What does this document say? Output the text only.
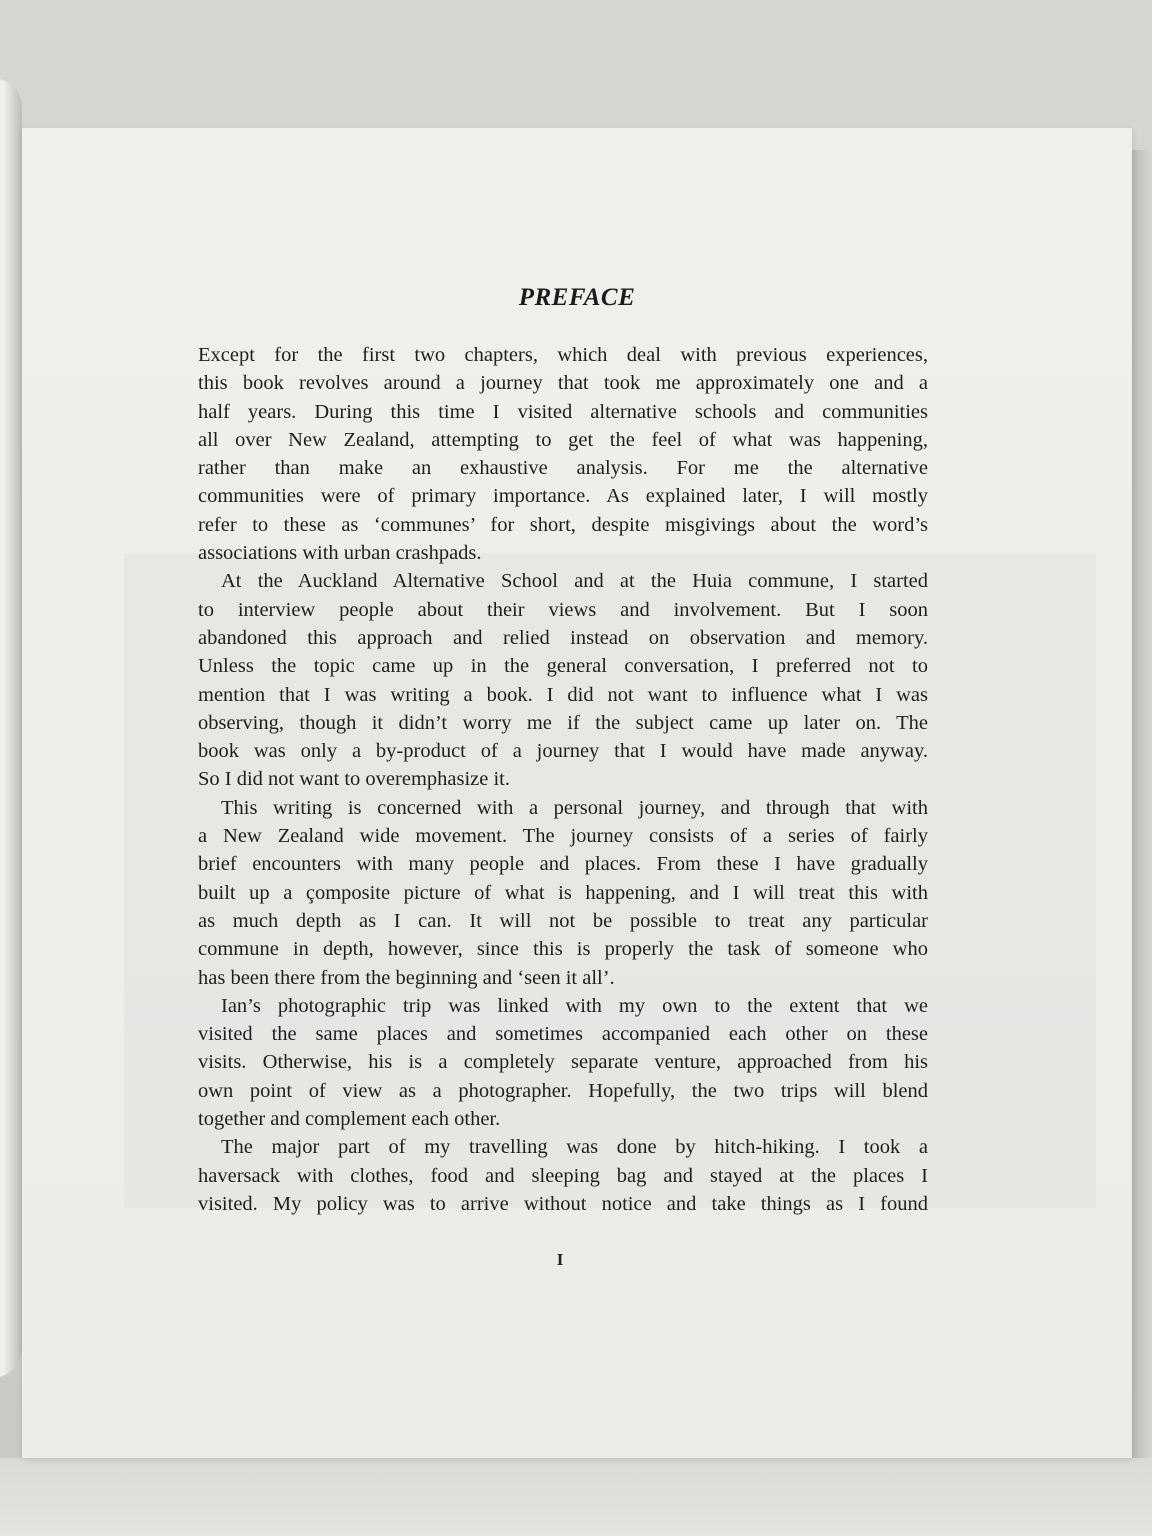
PREFACE
Except for the first two chapters, which deal with previous experiences,
this book revolves around a journey that took me approximately one and a
half years. During this time I visited alternative schools and communities
all over New Zealand, attempting to get the feel of what was happening,
rather than make an exhaustive analysis. For me the alternative
communities were of primary importance. As explained later, I will mostly
refer to these as ‘communes’ for short, despite misgivings about the word’s
associations with urban crashpads.
At the Auckland Alternative School and at the Huia commune, I started
to interview people about their views and involvement. But I soon
abandoned this approach and relied instead on observation and memory.
Unless the topic came up in the general conversation, I preferred not to
mention that I was writing a book. I did not want to influence what I was
observing, though it didn’t worry me if the subject came up later on. The
book was only a by-product of a journey that I would have made anyway.
So I did not want to overemphasize it.
This writing is concerned with a personal journey, and through that with
a New Zealand wide movement. The journey consists of a series of fairly
brief encounters with many people and places. From these I have gradually
built up a çomposite picture of what is happening, and I will treat this with
as much depth as I can. It will not be possible to treat any particular
commune in depth, however, since this is properly the task of someone who
has been there from the beginning and ‘seen it all’.
Ian’s photographic trip was linked with my own to the extent that we
visited the same places and sometimes accompanied each other on these
visits. Otherwise, his is a completely separate venture, approached from his
own point of view as a photographer. Hopefully, the two trips will blend
together and complement each other.
The major part of my travelling was done by hitch-hiking. I took a
haversack with clothes, food and sleeping bag and stayed at the places I
visited. My policy was to arrive without notice and take things as I found
I
